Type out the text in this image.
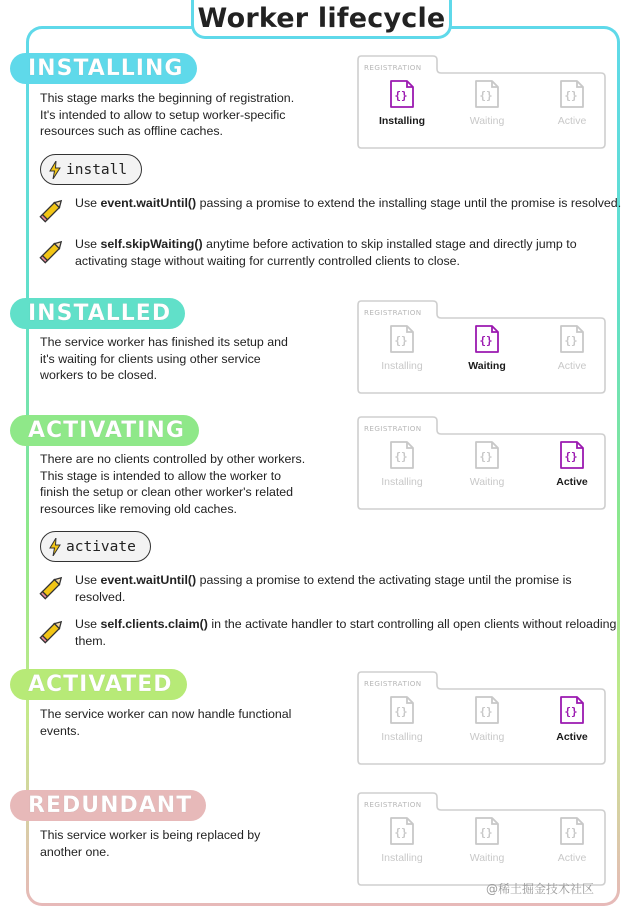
Worker lifecycle
INSTALLING
INSTALLED
ACTIVATING
ACTIVATED
REDUNDANT
This stage marks the beginning of registration.
It's intended to allow to setup worker-specific
resources such as offline caches.
The service worker has finished its setup and
it's waiting for clients using other service
workers to be closed.
There are no clients controlled by other workers.
This stage is intended to allow the worker to
finish the setup or clean other worker's related
resources like removing old caches.
The service worker can now handle functional
events.
This service worker is being replaced by
another one.
install
activate
Use event.waitUntil() passing a promise to extend the installing stage until the promise is resolved.
Use self.skipWaiting() anytime before activation to skip installed stage and directly jump to activating stage without waiting for currently controlled clients to close.
Use event.waitUntil() passing a promise to extend the activating stage until the promise is resolved.
Use self.clients.claim() in the activate handler to start controlling all open clients without reloading them.
REGISTRATION
{}
Installing
{}
Waiting
{}
Active
REGISTRATION
{}
Installing
{}
Waiting
{}
Active
REGISTRATION
{}
Installing
{}
Waiting
{}
Active
REGISTRATION
{}
Installing
{}
Waiting
{}
Active
REGISTRATION
{}
Installing
{}
Waiting
{}
Active
@稀土掘金技术社区
